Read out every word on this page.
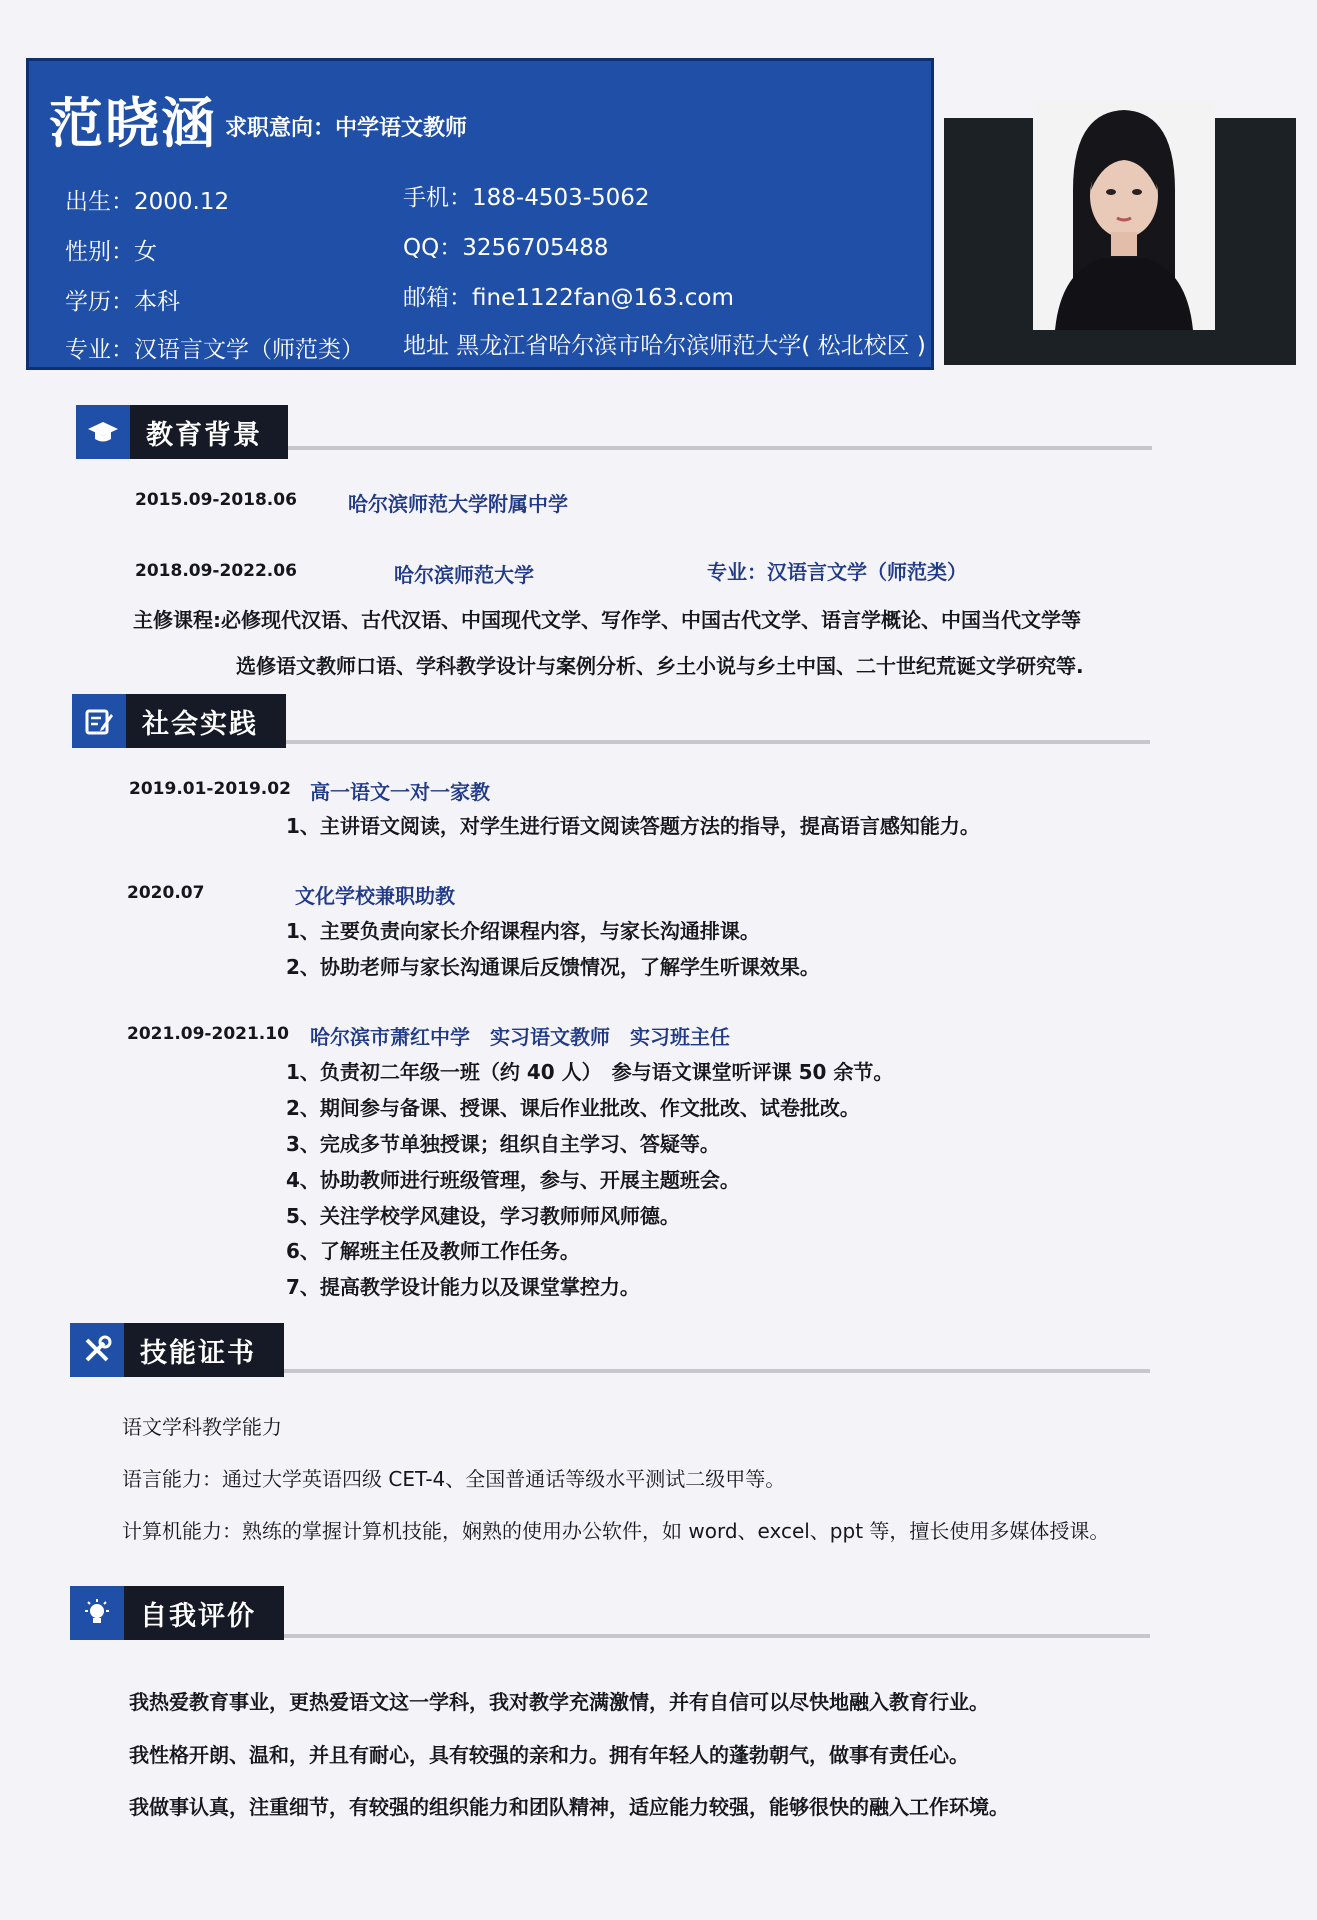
范晓涵 求职意向：中学语文教师
出生：2000.12
性别：女
学历：本科
专业：汉语言文学（师范类）
手机：188-4503-5062
QQ：3256705488
邮箱：fine1122fan@163.com
地址 黑龙江省哈尔滨市哈尔滨师范大学( 松北校区 )
教育背景
2015.09-2018.06	哈尔滨师范大学附属中学
2018.09-2022.06	哈尔滨师范大学	专业：汉语言文学（师范类）
主修课程:必修现代汉语、古代汉语、中国现代文学、写作学、中国古代文学、语言学概论、中国当代文学等
选修语文教师口语、学科教学设计与案例分析、乡土小说与乡土中国、二十世纪荒诞文学研究等.
社会实践
2019.01-2019.02 高一语文一对一家教
1、主讲语文阅读，对学生进行语文阅读答题方法的指导，提高语言感知能力。
2020.07	文化学校兼职助教
1、主要负责向家长介绍课程内容，与家长沟通排课。
2、协助老师与家长沟通课后反馈情况，了解学生听课效果。
2021.09-2021.10 哈尔滨市萧红中学　实习语文教师　实习班主任
1、负责初二年级一班（约 40 人）　参与语文课堂听评课 50 余节。
2、期间参与备课、授课、课后作业批改、作文批改、试卷批改。
3、完成多节单独授课；组织自主学习、答疑等。
4、协助教师进行班级管理，参与、开展主题班会。
5、关注学校学风建设，学习教师师风师德。
6、了解班主任及教师工作任务。
7、提高教学设计能力以及课堂掌控力。
技能证书
语文学科教学能力
语言能力：通过大学英语四级 CET-4、全国普通话等级水平测试二级甲等。
计算机能力：熟练的掌握计算机技能，娴熟的使用办公软件，如 word、excel、ppt 等，擅长使用多媒体授课。
自我评价
我热爱教育事业，更热爱语文这一学科，我对教学充满激情，并有自信可以尽快地融入教育行业。
我性格开朗、温和，并且有耐心，具有较强的亲和力。拥有年轻人的蓬勃朝气，做事有责任心。
我做事认真，注重细节，有较强的组织能力和团队精神，适应能力较强，能够很快的融入工作环境。
